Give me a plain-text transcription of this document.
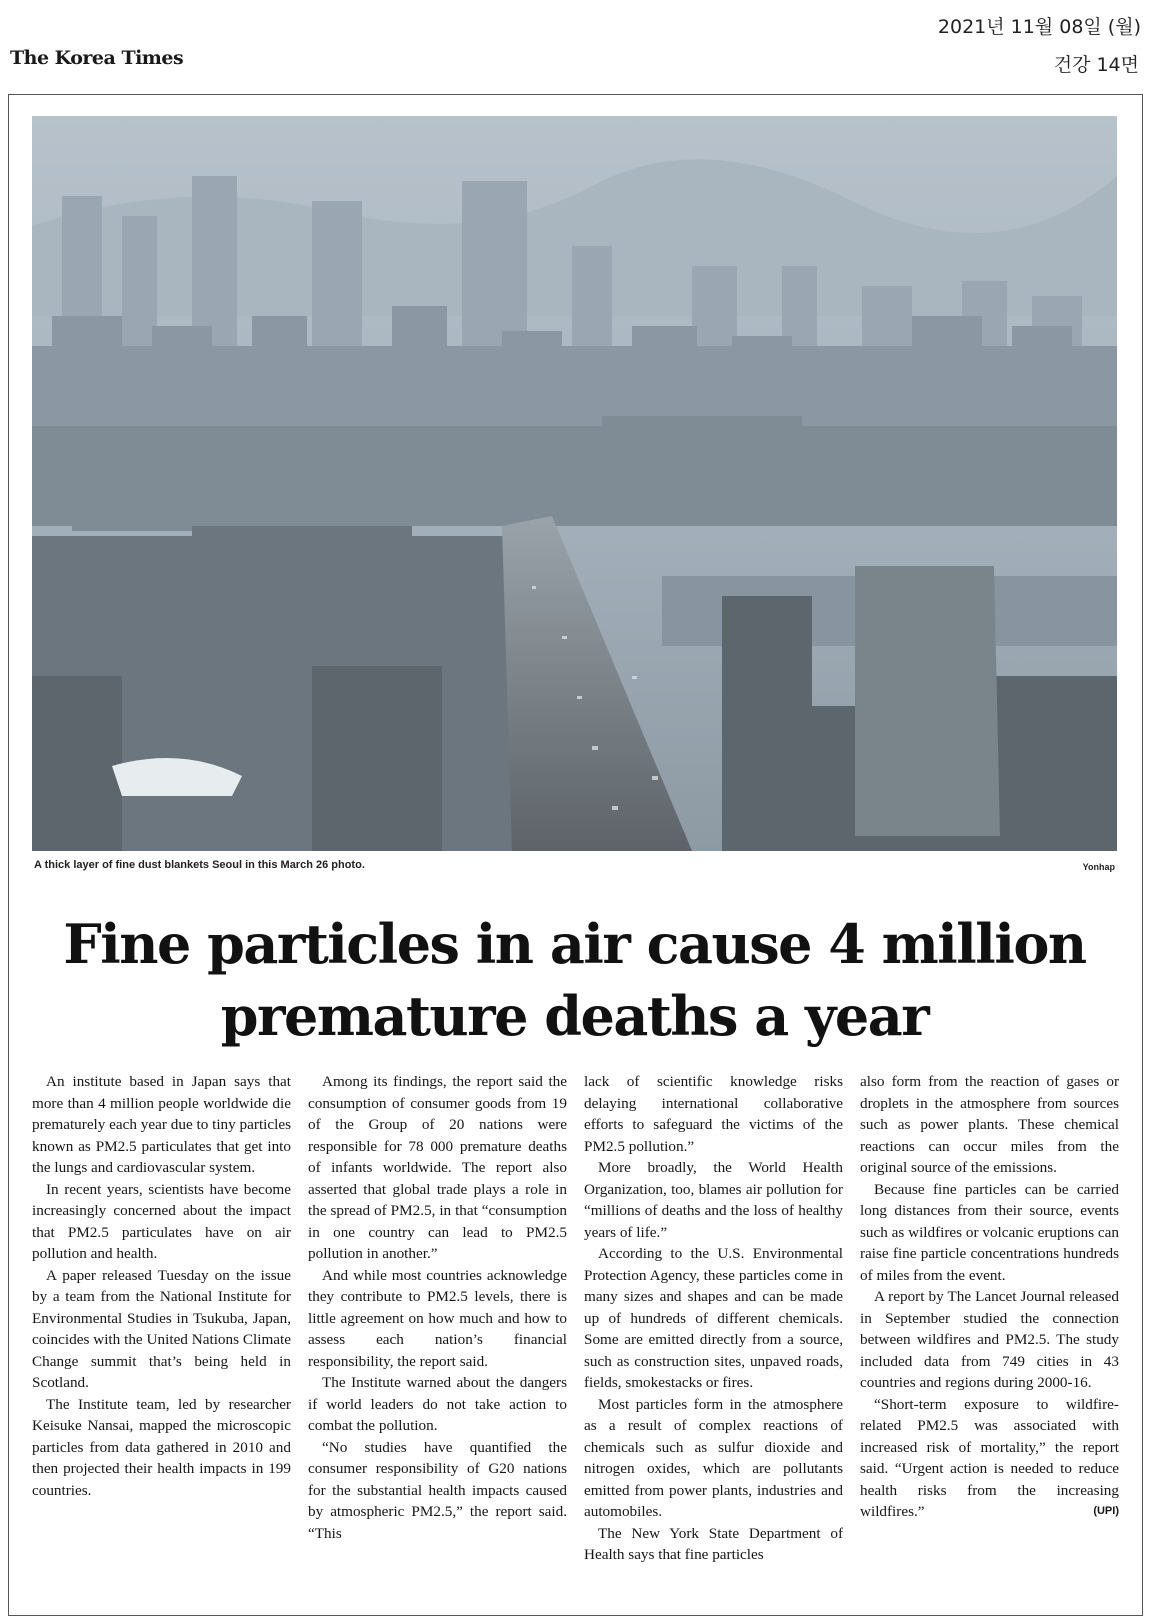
The Korea Times
2021년 11월 08일 (월)
건강 14면
A thick layer of fine dust blankets Seoul in this March 26 photo.	Yonhap
Fine particles in air cause 4 million
premature deaths a year

An institute based in Japan says that more than 4 million people worldwide die prematurely each year due to tiny particles known as PM2.5 particulates that get into the lungs and cardiovascular system.

In recent years, scientists have become increasingly concerned about the impact that PM2.5 particulates have on air pollution and health.

A paper released Tuesday on the issue by a team from the National Institute for Environmental Studies in Tsukuba, Japan, coincides with the United Nations Climate Change summit that’s being held in Scotland.

The Institute team, led by researcher Keisuke Nansai, mapped the microscopic particles from data gathered in 2010 and then projected their health impacts in 199 countries.

Among its findings, the report said the consumption of consumer goods from 19 of the Group of 20 nations were responsible for 78 000 premature deaths of infants worldwide. The report also asserted that global trade plays a role in the spread of PM2.5, in that “consumption in one country can lead to PM2.5 pollution in another.”

And while most countries acknowledge they contribute to PM2.5 levels, there is little agreement on how much and how to assess each nation’s financial responsibility, the report said.

The Institute warned about the dangers if world leaders do not take action to combat the pollution.

“No studies have quantified the consumer responsibility of G20 nations for the substantial health impacts caused by atmospheric PM2.5,” the report said. “This

lack of scientific knowledge risks delaying international collaborative efforts to safeguard the victims of the PM2.5 pollution.”

More broadly, the World Health Organization, too, blames air pollution for “millions of deaths and the loss of healthy years of life.”

According to the U.S. Environmental Protection Agency, these particles come in many sizes and shapes and can be made up of hundreds of different chemicals. Some are emitted directly from a source, such as construction sites, unpaved roads, fields, smokestacks or fires.

Most particles form in the atmosphere as a result of complex reactions of chemicals such as sulfur dioxide and nitrogen oxides, which are pollutants emitted from power plants, industries and automobiles.

The New York State Department of Health says that fine particles

also form from the reaction of gases or droplets in the atmosphere from sources such as power plants. These chemical reactions can occur miles from the original source of the emissions.

Because fine particles can be carried long distances from their source, events such as wildfires or volcanic eruptions can raise fine particle concentrations hundreds of miles from the event.

A report by The Lancet Journal released in September studied the connection between wildfires and PM2.5. The study included data from 749 cities in 43 countries and regions during 2000-16.

“Short-term exposure to wildfire-related PM2.5 was associated with increased risk of mortality,” the report said. “Urgent action is needed to reduce health risks from the increasing wildfires.”	(UPI)
